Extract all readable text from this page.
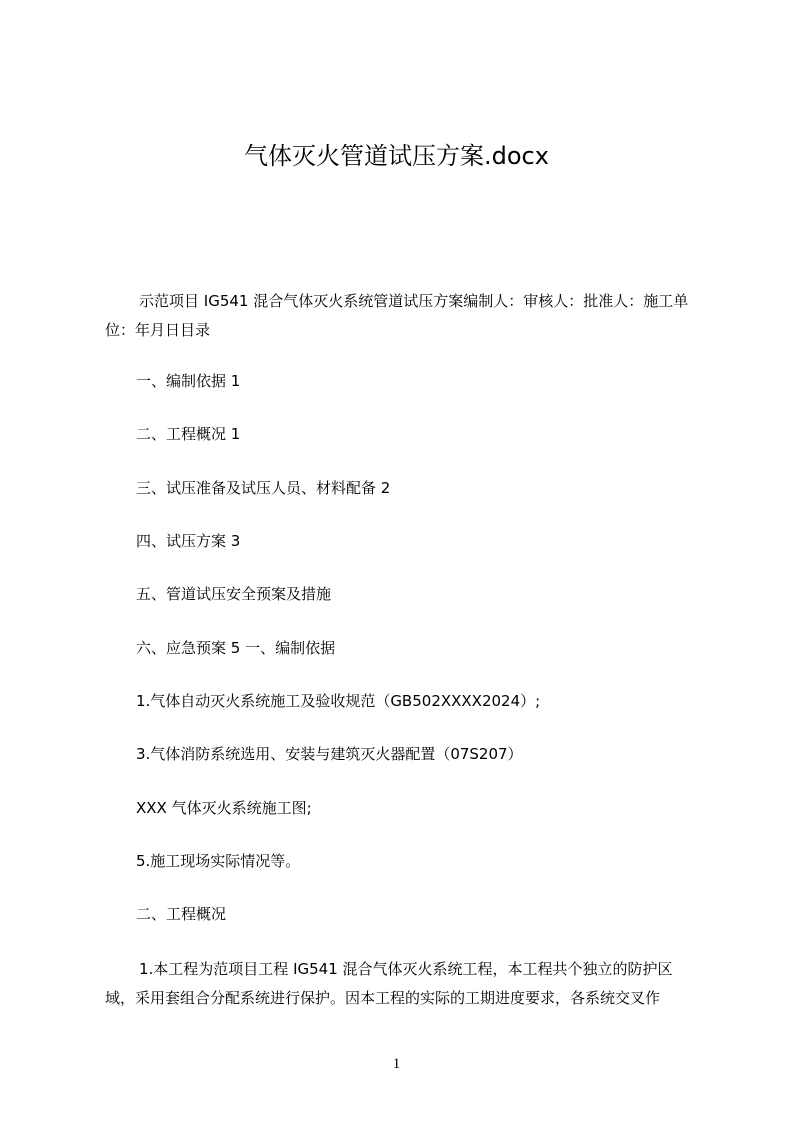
气体灭火管道试压方案.docx
示范项目 IG541 混合气体灭火系统管道试压方案编制人：审核人：批准人：施工单位：年月日目录
一、编制依据 1
二、工程概况 1
三、试压准备及试压人员、材料配备 2
四、试压方案 3
五、管道试压安全预案及措施
六、应急预案 5 一、编制依据
1.气体自动灭火系统施工及验收规范（GB502XXXX2024）;
3.气体消防系统选用、安装与建筑灭火器配置（07S207）
XXX 气体灭火系统施工图;
5.施工现场实际情况等。
二、工程概况
1.本工程为范项目工程 IG541 混合气体灭火系统工程，本工程共个独立的防护区域，采用套组合分配系统进行保护。因本工程的实际的工期进度要求，各系统交叉作
1
